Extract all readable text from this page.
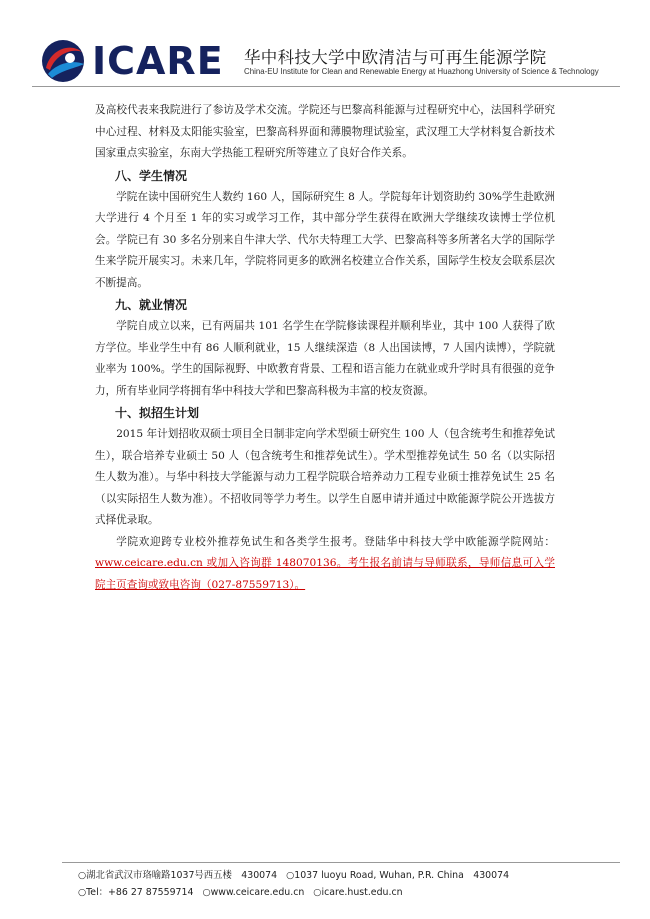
ICARE 华中科技大学中欧清洁与可再生能源学院
China-EU Institute for Clean and Renewable Energy at Huazhong University of Science & Technology

及高校代表来我院进行了参访及学术交流。学院还与巴黎高科能源与过程研究中心，法国科学研究中心过程、材料及太阳能实验室，巴黎高科界面和薄膜物理试验室，武汉理工大学材料复合新技术国家重点实验室，东南大学热能工程研究所等建立了良好合作关系。

八、学生情况

学院在读中国研究生人数约 160 人，国际研究生 8 人。学院每年计划资助约 30%学生赴欧洲大学进行 4 个月至 1 年的实习或学习工作，其中部分学生获得在欧洲大学继续攻读博士学位机会。学院已有 30 多名分别来自牛津大学、代尔夫特理工大学、巴黎高科等多所著名大学的国际学生来学院开展实习。未来几年，学院将同更多的欧洲名校建立合作关系，国际学生校友会联系层次不断提高。

九、就业情况

学院自成立以来，已有两届共 101 名学生在学院修读课程并顺利毕业，其中 100 人获得了欧方学位。毕业学生中有 86 人顺利就业，15 人继续深造（8 人出国读博，7 人国内读博），学院就业率为 100%。学生的国际视野、中欧教育背景、工程和语言能力在就业或升学时具有很强的竞争力，所有毕业同学将拥有华中科技大学和巴黎高科极为丰富的校友资源。

十、拟招生计划

2015 年计划招收双硕士项目全日制非定向学术型硕士研究生 100 人（包含统考生和推荐免试生），联合培养专业硕士 50 人（包含统考生和推荐免试生）。学术型推荐免试生 50 名（以实际招生人数为准）。与华中科技大学能源与动力工程学院联合培养动力工程专业硕士推荐免试生 25 名（以实际招生人数为准）。不招收同等学力考生。以学生自愿申请并通过中欧能源学院公开选拔方式择优录取。

学院欢迎跨专业校外推荐免试生和各类学生报考。登陆华中科技大学中欧能源学院网站：www.ceicare.edu.cn 或加入咨询群 148070136。考生报名前请与导师联系，导师信息可入学院主页查询或致电咨询（027-87559713）。

○湖北省武汉市珞喻路1037号西五楼　430074 ○1037 luoyu Road, Wuhan, P.R. China　430074
○Tel：+86 27 87559714 ○www.ceicare.edu.cn ○icare.hust.edu.cn
